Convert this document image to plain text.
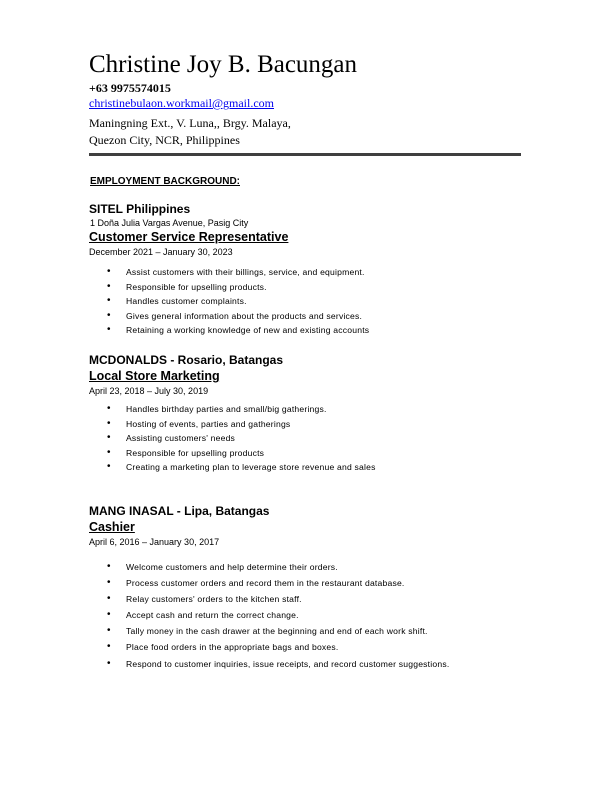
Christine Joy B. Bacungan
+63 9975574015
christinebulaon.workmail@gmail.com
Maningning Ext., V. Luna,, Brgy. Malaya,
Quezon City, NCR, Philippines
EMPLOYMENT BACKGROUND:
SITEL Philippines
1 Doña Julia Vargas Avenue, Pasig City
Customer Service Representative
December 2021 – January 30, 2023
• Assist customers with their billings, service, and equipment.
• Responsible for upselling products.
• Handles customer complaints.
• Gives general information about the products and services.
• Retaining a working knowledge of new and existing accounts
MCDONALDS - Rosario, Batangas
Local Store Marketing
April 23, 2018 – July 30, 2019
• Handles birthday parties and small/big gatherings.
• Hosting of events, parties and gatherings
• Assisting customers' needs
• Responsible for upselling products
• Creating a marketing plan to leverage store revenue and sales
MANG INASAL - Lipa, Batangas
Cashier
April 6, 2016 – January 30, 2017
• Welcome customers and help determine their orders.
• Process customer orders and record them in the restaurant database.
• Relay customers' orders to the kitchen staff.
• Accept cash and return the correct change.
• Tally money in the cash drawer at the beginning and end of each work shift.
• Place food orders in the appropriate bags and boxes.
• Respond to customer inquiries, issue receipts, and record customer suggestions.
